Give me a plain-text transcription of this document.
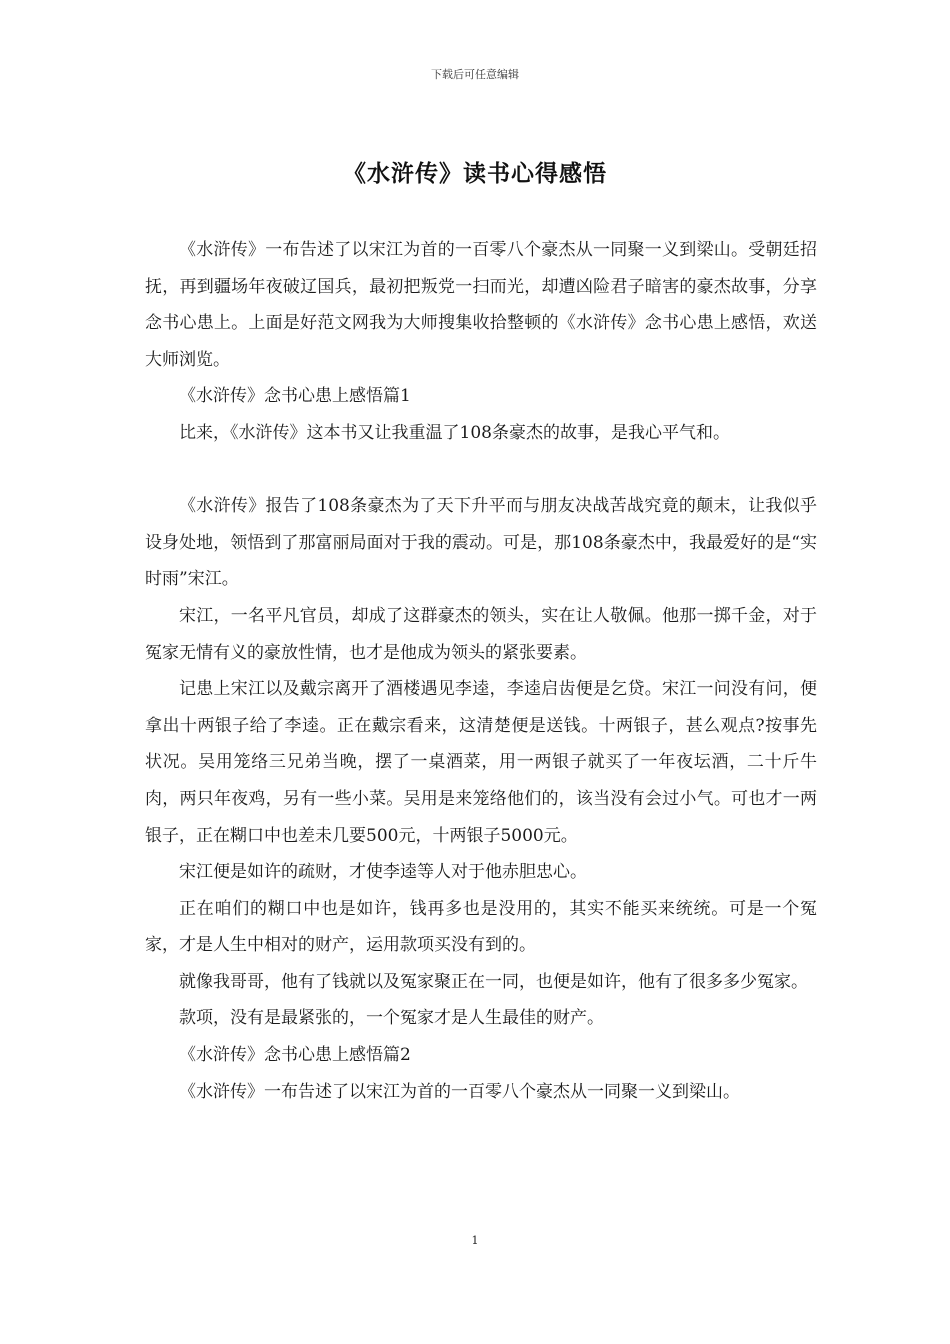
下载后可任意编辑
《水浒传》读书心得感悟

《水浒传》一布告述了以宋江为首的一百零八个豪杰从一同聚一义到梁山。受朝廷招抚，再到疆场年夜破辽国兵，最初把叛党一扫而光，却遭凶险君子暗害的豪杰故事，分享念书心患上。上面是好范文网我为大师搜集收拾整顿的《水浒传》念书心患上感悟，欢送大师浏览。

《水浒传》念书心患上感悟篇1

比来，《水浒传》这本书又让我重温了108条豪杰的故事，是我心平气和。

《水浒传》报告了108条豪杰为了天下升平而与朋友决战苦战究竟的颠末，让我似乎设身处地，领悟到了那富丽局面对于我的震动。可是，那108条豪杰中，我最爱好的是“实时雨”宋江。

宋江，一名平凡官员，却成了这群豪杰的领头，实在让人敬佩。他那一掷千金，对于冤家无情有义的豪放性情，也才是他成为领头的紧张要素。

记患上宋江以及戴宗离开了酒楼遇见李逵，李逵启齿便是乞贷。宋江一问没有问，便拿出十两银子给了李逵。正在戴宗看来，这清楚便是送钱。十两银子，甚么观点?按事先状况。吴用笼络三兄弟当晚，摆了一桌酒菜，用一两银子就买了一年夜坛酒，二十斤牛肉，两只年夜鸡，另有一些小菜。吴用是来笼络他们的，该当没有会过小气。可也才一两银子，正在糊口中也差未几要500元，十两银子5000元。

宋江便是如许的疏财，才使李逵等人对于他赤胆忠心。

正在咱们的糊口中也是如许，钱再多也是没用的，其实不能买来统统。可是一个冤家，才是人生中相对的财产，运用款项买没有到的。

就像我哥哥，他有了钱就以及冤家聚正在一同，也便是如许，他有了很多多少冤家。

款项，没有是最紧张的，一个冤家才是人生最佳的财产。

《水浒传》念书心患上感悟篇2

《水浒传》一布告述了以宋江为首的一百零八个豪杰从一同聚一义到梁山。

1
